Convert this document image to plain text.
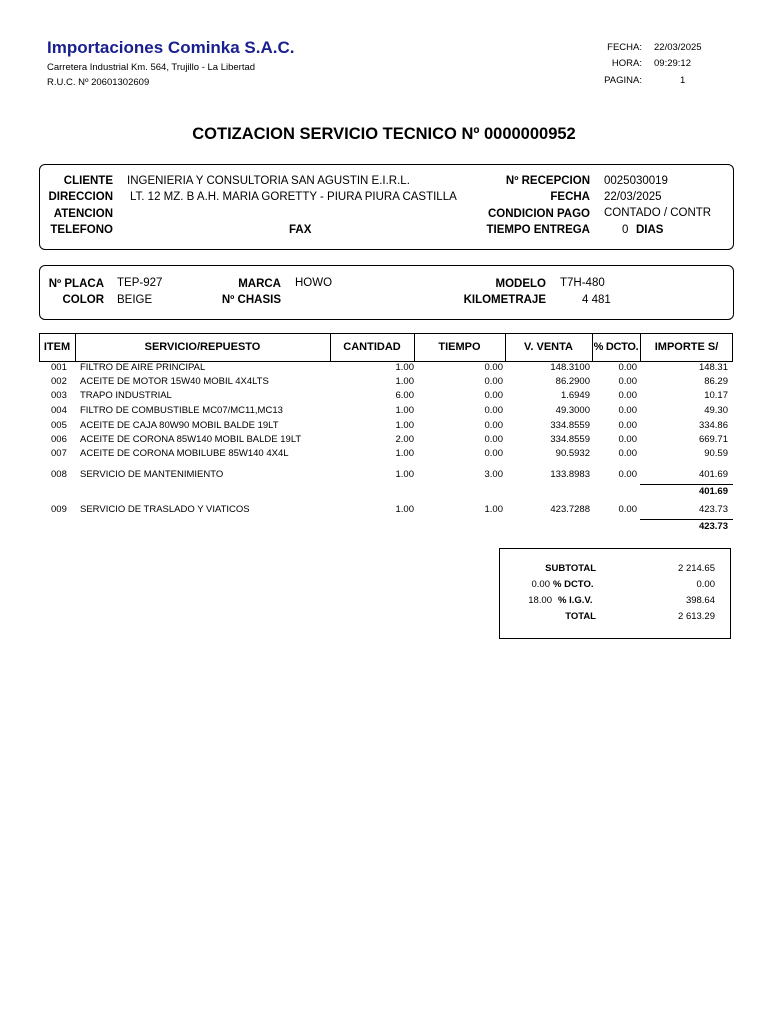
Importaciones Cominka S.A.C.
Carretera Industrial Km. 564, Trujillo - La Libertad
R.U.C. Nº 20601302609
FECHA: 22/03/2025
HORA: 09:29:12
PAGINA:	1
COTIZACION SERVICIO TECNICO Nº 0000000952
CLIENTE INGENIERIA Y CONSULTORIA SAN AGUSTIN E.I.R.L.
DIRECCION LT. 12 MZ. B A.H. MARIA GORETTY - PIURA PIURA CASTILLA
ATENCION
TELEFONO	FAX
Nº RECEPCION 0025030019
FECHA 22/03/2025
CONDICION PAGO CONTADO / CONTR
TIEMPO ENTREGA	0 DIAS
Nº PLACA TEP-927	MARCA HOWO	MODELO T7H-480
COLOR BEIGE	Nº CHASIS	KILOMETRAJE	4 481
ITEM	SERVICIO/REPUESTO	CANTIDAD	TIEMPO	V. VENTA	% DCTO.	IMPORTE S/
001 FILTRO DE AIRE PRINCIPAL	1.00	0.00	148.3100	0.00	148.31
002 ACEITE DE MOTOR 15W40 MOBIL 4X4LTS	1.00	0.00	86.2900	0.00	86.29
003 TRAPO INDUSTRIAL	6.00	0.00	1.6949	0.00	10.17
004 FILTRO DE COMBUSTIBLE MC07/MC11,MC13	1.00	0.00	49.3000	0.00	49.30
005 ACEITE DE CAJA 80W90 MOBIL BALDE 19LT	1.00	0.00	334.8559	0.00	334.86
006 ACEITE DE CORONA 85W140 MOBIL BALDE 19LT	2.00	0.00	334.8559	0.00	669.71
007 ACEITE DE CORONA MOBILUBE 85W140 4X4L	1.00	0.00	90.5932	0.00	90.59
008 SERVICIO DE MANTENIMIENTO	1.00	3.00	133.8983	0.00	401.69
009 SERVICIO DE TRASLADO Y VIATICOS	1.00	1.00	423.7288	0.00	423.73
401.69
423.73
SUBTOTAL	2 214.65
0.00 % DCTO.	0.00
18.00 % I.G.V.	398.64
TOTAL	2 613.29
